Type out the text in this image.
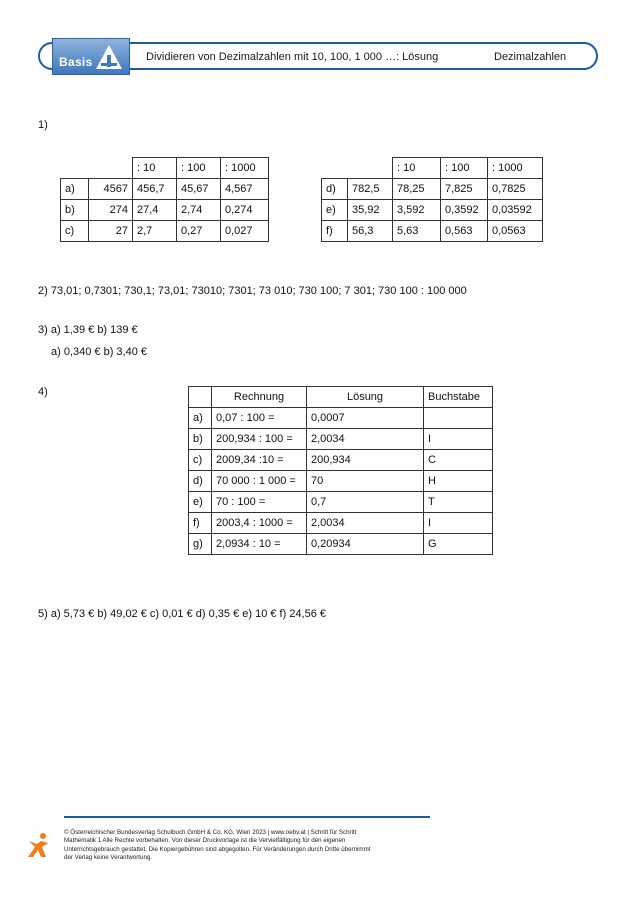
Basis	Dividieren von Dezimalzahlen mit 10, 100, 1 000 …: Lösung	Dezimalzahlen
1)
		: 10	: 100	: 1000
a)	4567	456,7	45,67	4,567
b)	274	27,4	2,74	0,274
c)	27	2,7	0,27	0,027
		: 10	: 100	: 1000
d)	782,5	78,25	7,825	0,7825
e)	35,92	3,592	0,3592	0,03592
f)	56,3	5,63	0,563	0,0563
2) 73,01; 0,7301; 730,1; 73,01; 73010; 7301; 73 010; 730 100; 7 301; 730 100 : 100 000
3) a) 1,39 € b) 139 €
a) 0,340 € b) 3,40 €
4)
		Rechnung	Lösung	Buchstabe
a)	0,07 : 100 =	0,0007	
b)	200,934 : 100 =	2,0034	I
c)	2009,34 :10 =	200,934	C
d)	70 000 : 1 000 =	70	H
e)	70 : 100 =	0,7	T
f)	2003,4 : 1000 =	2,0034	I
g)	2,0934 : 10 =	0,20934	G
5) a) 5,73 € b) 49,02 € c) 0,01 € d) 0,35 € e) 10 € f) 24,56 €
© Österreichischer Bundesverlag Schulbuch GmbH & Co. KG, Wien 2023 | www.oebv.at | Schritt für Schritt
Mathematik 1 Alle Rechte vorbehalten. Von dieser Druckvorlage ist die Vervielfältigung für den eigenen
Unterrichtsgebrauch gestattet. Die Kopiergebühren sind abgegolten. Für Veränderungen durch Dritte übernimmt
der Verlag keine Verantwortung.
